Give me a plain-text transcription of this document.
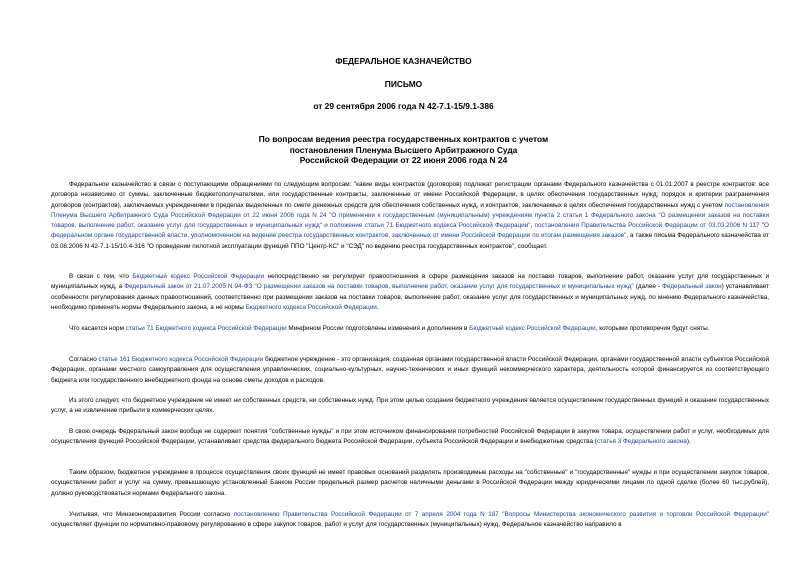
ФЕДЕРАЛЬНОЕ КАЗНАЧЕЙСТВО
ПИСЬМО
от 29 сентября 2006 года N 42-7.1-15/9.1-386
По вопросам ведения реестра государственных контрактов с учетом
постановления Пленума Высшего Арбитражного Суда
Российской Федерации от 22 июня 2006 года N 24

Федеральное казначейство в связи с поступающими обращениями по следующим вопросам: "какие виды контрактов (договоров) подлежат регистрации органами Федерального казначейства с 01.01.2007 в реестре контрактов: все договора независимо от суммы, заключенные бюджетополучателями, или государственные контракты, заключенные от имени Российской Федерации, в целях обеспечения государственных нужд; порядок и критерии разграничения договоров (контрактов), заключаемых учреждениями в пределах выделенных по смете денежных средств для обеспечения собственных нужд, и контрактов, заключаемых в целях обеспечения государственных нужд с учетом постановления Пленума Высшего Арбитражного Суда Российской Федерации от 22 июня 2006 года N 24 "О применении к государственным (муниципальным) учреждениям пункта 2 статьи 1 Федерального закона "О размещении заказов на поставки товаров, выполнение работ, оказание услуг для государственных и муниципальных нужд" и положение статьи 71 Бюджетного кодекса Российской Федерации", постановления Правительства Российской Федерации от 03.03.2006 N 117 "О федеральном органе государственной власти, уполномоченном на ведение реестра государственных контрактов, заключенных от имени Российской Федерации по итогам размещения заказов", а также письма Федерального казначейства от 03.08.2006 N 42-7.1-15/10.4-316 "О проведении пилотной эксплуатации функций ППО "Центр-КС" и "СЭД" по ведению реестра государственных контрактов", сообщает.

В связи с тем, что Бюджетный кодекс Российской Федерации непосредственно не регулирует правоотношения в сфере размещения заказов на поставки товаров, выполнение работ, оказание услуг для государственных и муниципальных нужд, а Федеральный закон от 21.07.2005 N 94-ФЗ "О размещении заказов на поставки товаров, выполнение работ, оказание услуг для государственных и муниципальных нужд" (далее - Федеральный закон) устанавливает особенности регулирования данных правоотношений, соответственно при размещении заказов на поставки товаров, выполнение работ, оказание услуг для государственных и муниципальных нужд, по мнению Федерального казначейства, необходимо применять нормы Федерального закона, а не нормы Бюджетного кодекса Российской Федерации.

Что касается норм статьи 71 Бюджетного кодекса Российской Федерации Минфином России подготовлены изменения и дополнения в Бюджетный кодекс Российской Федерации, которыми противоречия будут сняты.

Согласно статье 161 Бюджетного кодекса Российской Федерации бюджетное учреждение - это организация, созданная органами государственной власти Российской Федерации, органами государственной власти субъектов Российской Федерации, органами местного самоуправления для осуществления управленческих, социально-культурных, научно-технических и иных функций некоммерческого характера, деятельность которой финансируется из соответствующего бюджета или государственного внебюджетного фонда на основе сметы доходов и расходов.

Из этого следует, что бюджетное учреждение не имеет ни собственных средств, ни собственных нужд. При этом целью создания бюджетного учреждения является осуществление государственных функций и оказание государственных услуг, а не извлечение прибыли в коммерческих целях.

В свою очередь Федеральный закон вообще не содержит понятия "собственные нужды" и при этом источником финансирования потребностей Российской Федерации в закупке товара, осуществлении работ и услуг, необходимых для осуществления функций Российской Федерации, устанавливает средства федерального бюджета Российской Федерации, субъекта Российской Федерации и внебюджетные средства (статья 3 Федерального закона).

Таким образом, бюджетное учреждение в процессе осуществления своих функций не имеет правовых оснований разделять производимые расходы на "собственные" и "государственные" нужды и при осуществлении закупок товаров, осуществлении работ и услуг на сумму, превышающую установленный Банком России предельный размер расчетов наличными деньгами в Российской Федерации между юридическими лицами по одной сделке (более 60 тыс.рублей), должно руководствоваться нормами Федерального закона.

Учитывая, что Минэкономразвития России согласно постановлению Правительства Российской Федерации от 7 апреля 2004 года N 187 "Вопросы Министерства экономического развития и торговли Российской Федерации" осуществляет функции по нормативно-правовому регулированию в сфере закупок товаров, работ и услуг для государственных (муниципальных) нужд, Федеральное казначейство направило в
